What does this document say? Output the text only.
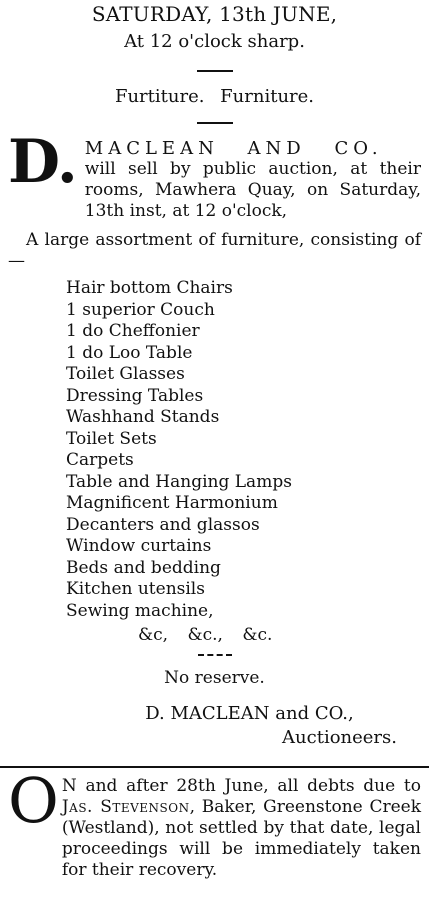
SATURDAY, 13th JUNE,
At 12 o'clock sharp.
Furtiture. Furniture.
D. MACLEAN AND CO.
will sell by public auction, at their rooms, Mawhera Quay, on Saturday, 13th inst, at 12 o'clock,
A large assortment of furniture, consisting of—
Hair bottom Chairs
1 superior Couch
1 do Cheffonier
1 do Loo Table
Toilet Glasses
Dressing Tables
Washhand Stands
Toilet Sets
Carpets
Table and Hanging Lamps
Magnificent Harmonium
Decanters and glassos
Window curtains
Beds and bedding
Kitchen utensils
Sewing machine,
&c, &c., &c.
No reserve.
D. MACLEAN and CO.,
Auctioneers.
O N and after 28th June, all debts due to Jas. Stevenson, Baker, Greenstone Creek (Westland), not settled by that date, legal proceedings will be immediately taken for their recovery.
